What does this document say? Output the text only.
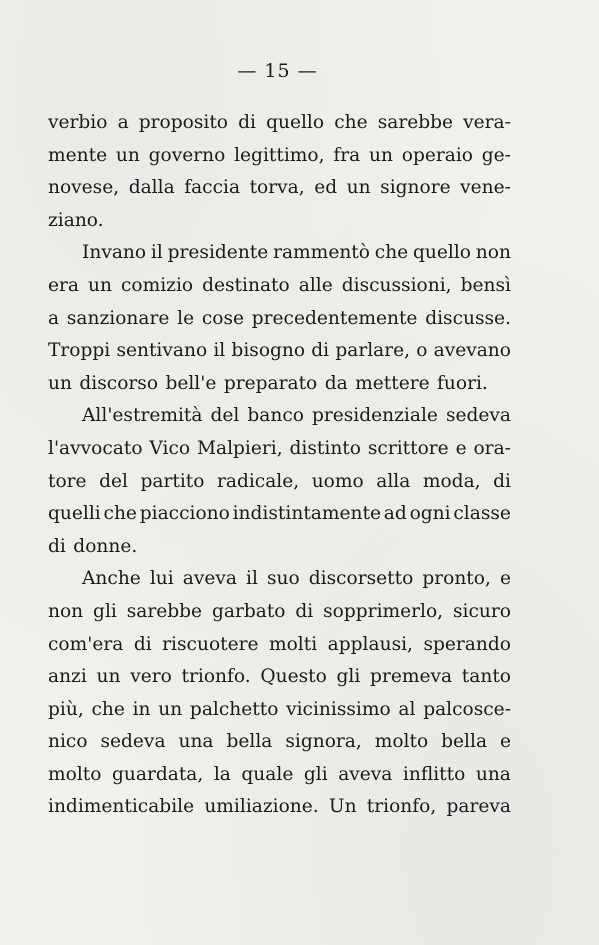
— 15 —
verbio a proposito di quello che sarebbe vera-
mente un governo legittimo, fra un operaio ge-
novese, dalla faccia torva, ed un signore vene-
ziano.
Invano il presidente rammentò che quello non
era un comizio destinato alle discussioni, bensì
a sanzionare le cose precedentemente discusse.
Troppi sentivano il bisogno di parlare, o avevano
un discorso bell'e preparato da mettere fuori.
All'estremità del banco presidenziale sedeva
l'avvocato Vico Malpieri, distinto scrittore e ora-
tore del partito radicale, uomo alla moda, di
quelli che piacciono indistintamente ad ogni classe
di donne.
Anche lui aveva il suo discorsetto pronto, e
non gli sarebbe garbato di sopprimerlo, sicuro
com'era di riscuotere molti applausi, sperando
anzi un vero trionfo. Questo gli premeva tanto
più, che in un palchetto vicinissimo al palcosce-
nico sedeva una bella signora, molto bella e
molto guardata, la quale gli aveva inflitto una
indimenticabile umiliazione. Un trionfo, pareva
